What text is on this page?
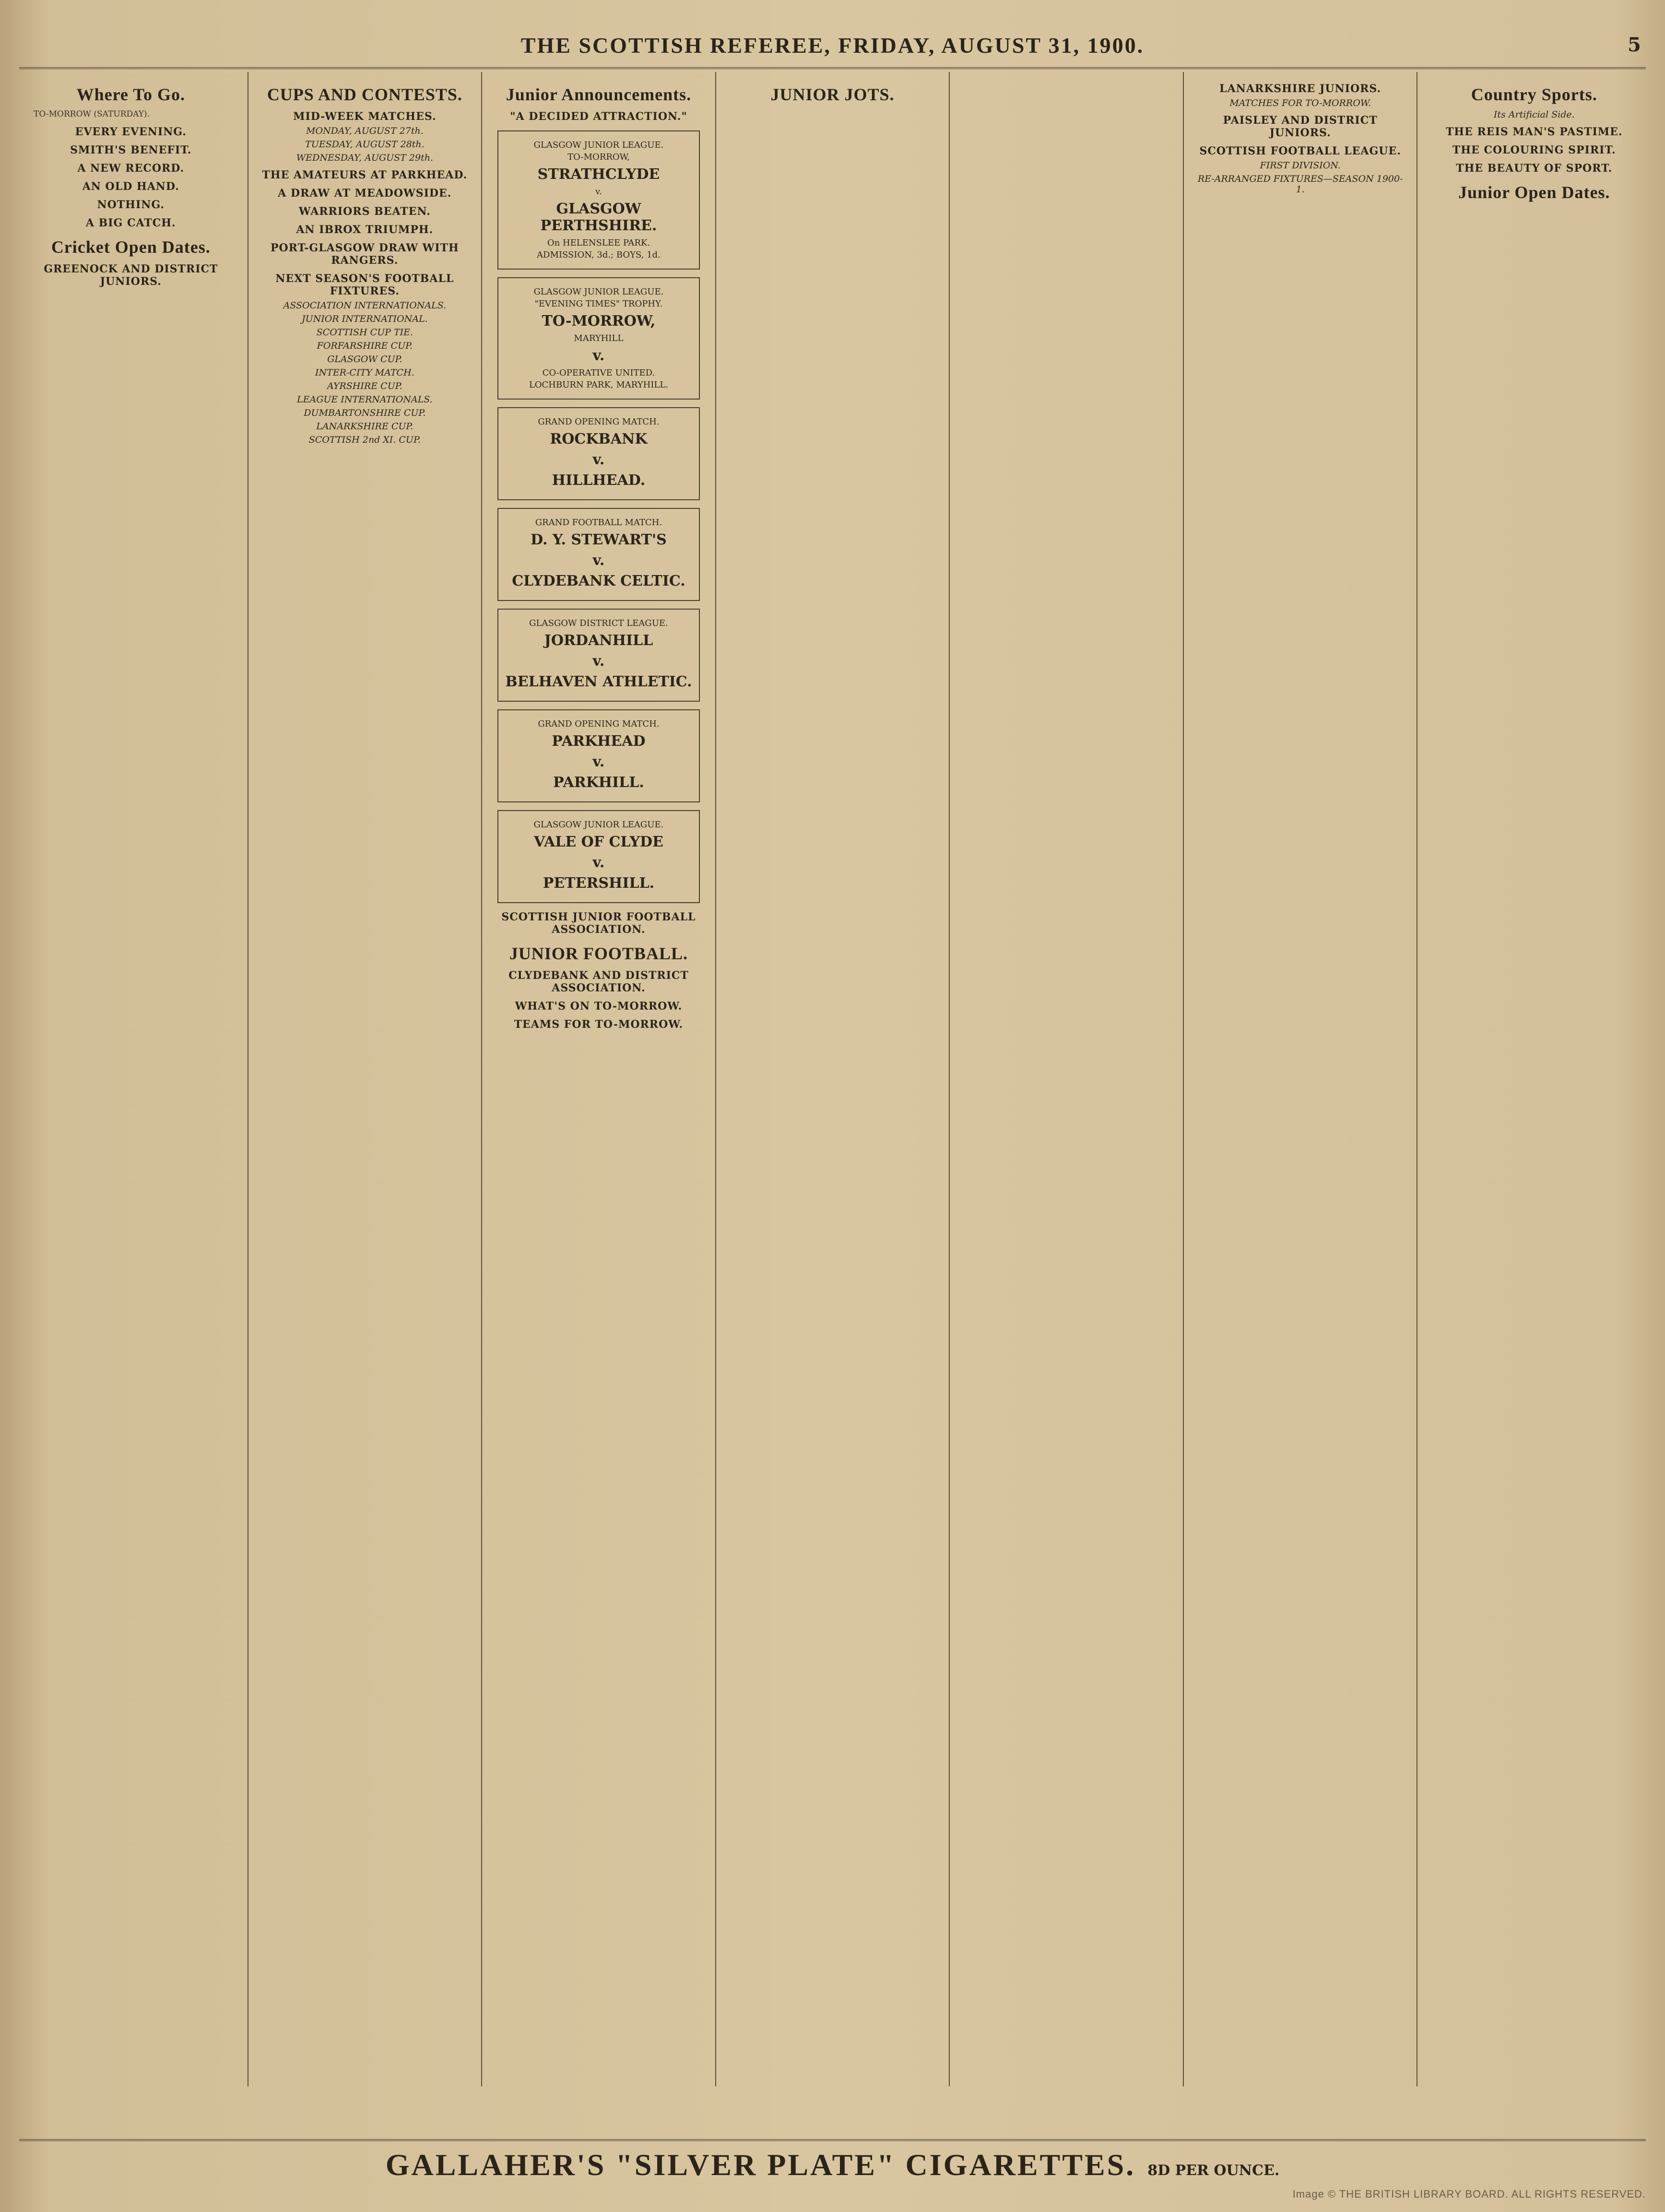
THE SCOTTISH REFEREE, FRIDAY, AUGUST 31, 1900.	5
Where To Go.

TO-MORROW (SATURDAY).

EVERY EVENING.
SMITH'S BENEFIT.
A NEW RECORD.
AN OLD HAND.
NOTHING.
A BIG CATCH.
Cricket Open Dates.
GREENOCK AND DISTRICT JUNIORS.
CUPS AND CONTESTS.
MID-WEEK MATCHES.
MONDAY, AUGUST 27th.
TUESDAY, AUGUST 28th.
WEDNESDAY, AUGUST 29th.
THE AMATEURS AT PARKHEAD.
A DRAW AT MEADOWSIDE.
WARRIORS BEATEN.
AN IBROX TRIUMPH.
PORT-GLASGOW DRAW WITH RANGERS.
NEXT SEASON'S FOOTBALL FIXTURES.
ASSOCIATION INTERNATIONALS.
JUNIOR INTERNATIONAL.
SCOTTISH CUP TIE.
FORFARSHIRE CUP.
GLASGOW CUP.
INTER-CITY MATCH.
AYRSHIRE CUP.
LEAGUE INTERNATIONALS.
DUMBARTONSHIRE CUP.
LANARKSHIRE CUP.
SCOTTISH 2nd XI. CUP.
Junior Announcements.
"A DECIDED ATTRACTION."
GLASGOW JUNIOR LEAGUE.
TO-MORROW,
STRATHCLYDE
v.
GLASGOW PERTHSHIRE.
On HELENSLEE PARK.
ADMISSION, 3d.; BOYS, 1d.
GLASGOW JUNIOR LEAGUE.
"EVENING TIMES" TROPHY.
TO-MORROW,
MARYHILL
v.
CO-OPERATIVE UNITED.
LOCHBURN PARK, MARYHILL.
GRAND OPENING MATCH.
ROCKBANK
v.
HILLHEAD.
GRAND FOOTBALL MATCH.
D. Y. STEWART'S
v.
CLYDEBANK CELTIC.
GLASGOW DISTRICT LEAGUE.
JORDANHILL
v.
BELHAVEN ATHLETIC.
GRAND OPENING MATCH.
PARKHEAD
v.
PARKHILL.
GLASGOW JUNIOR LEAGUE.
VALE OF CLYDE
v.
PETERSHILL.
SCOTTISH JUNIOR FOOTBALL ASSOCIATION.
JUNIOR FOOTBALL.
CLYDEBANK AND DISTRICT ASSOCIATION.
WHAT'S ON TO-MORROW.
TEAMS FOR TO-MORROW.
JUNIOR JOTS.	LANARKSHIRE JUNIORS.
MATCHES FOR TO-MORROW.
PAISLEY AND DISTRICT JUNIORS.
SCOTTISH FOOTBALL LEAGUE.
FIRST DIVISION.
RE-ARRANGED FIXTURES—SEASON 1900-1.
Country Sports.
Its Artificial Side.
THE REIS MAN'S PASTIME.
THE COLOURING SPIRIT.
THE BEAUTY OF SPORT.
Junior Open Dates.
GALLAHER'S "SILVER PLATE" CIGARETTES. 8D PER OUNCE.
Image © THE BRITISH LIBRARY BOARD. ALL RIGHTS RESERVED.
